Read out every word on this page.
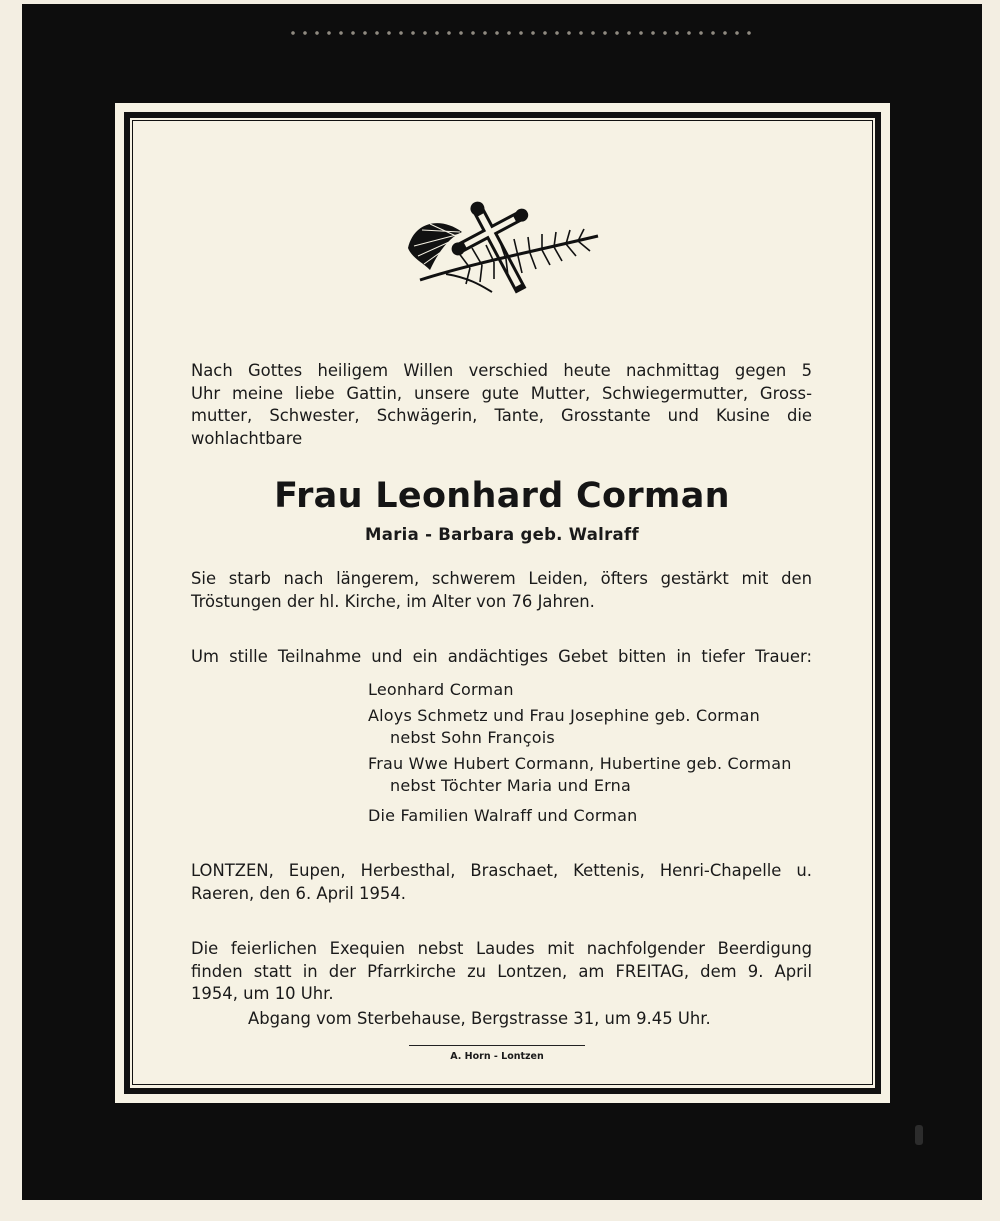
Nach Gottes heiligem Willen verschied heute nachmittag gegen 5
Uhr meine liebe Gattin, unsere gute Mutter, Schwiegermutter, Gross-
mutter, Schwester, Schwägerin, Tante, Grosstante und Kusine die
wohlachtbare
Frau Leonhard Corman
Maria - Barbara geb. Walraff
Sie starb nach längerem, schwerem Leiden, öfters gestärkt mit den
Tröstungen der hl. Kirche, im Alter von 76 Jahren.
Um stille Teilnahme und ein andächtiges Gebet bitten in tiefer Trauer:
Leonhard Corman
Aloys Schmetz und Frau Josephine geb. Corman
nebst Sohn François
Frau Wwe Hubert Cormann, Hubertine geb. Corman
nebst Töchter Maria und Erna
Die Familien Walraff und Corman
LONTZEN, Eupen, Herbesthal, Braschaet, Kettenis, Henri-Chapelle u.
Raeren, den 6. April 1954.
Die feierlichen Exequien nebst Laudes mit nachfolgender Beerdigung
finden statt in der Pfarrkirche zu Lontzen, am FREITAG, dem 9. April
1954, um 10 Uhr.
Abgang vom Sterbehause, Bergstrasse 31, um 9.45 Uhr.
A. Horn - Lontzen
